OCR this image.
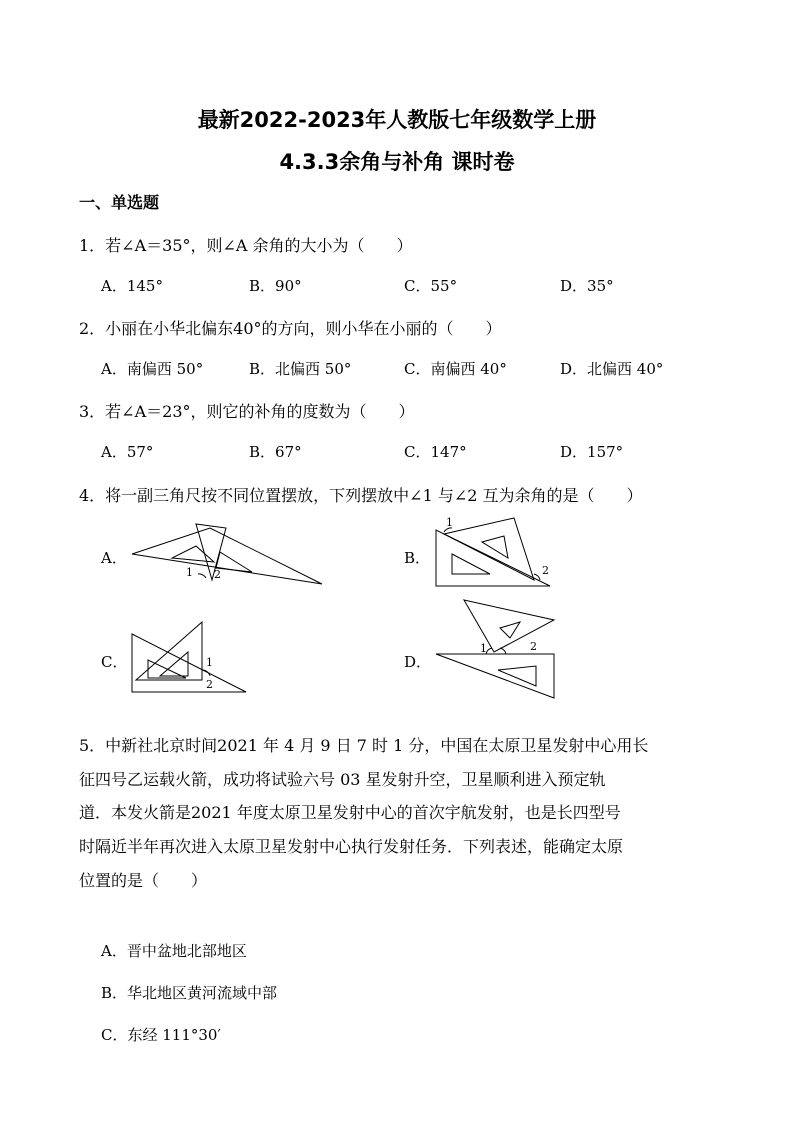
最新2022-2023年人教版七年级数学上册
4.3.3余角与补角 课时卷
一、单选题
1．若∠A＝35°，则∠A 余角的大小为（　　）
A．145°	B．90°	C．55°	D．35°
2．小丽在小华北偏东40°的方向，则小华在小丽的（　　）
A．南偏西 50°	B．北偏西 50°	C．南偏西 40°	D．北偏西 40°
3．若∠A＝23°，则它的补角的度数为（　　）
A．57°	B．67°	C．147°	D．157°
4．将一副三角尺按不同位置摆放，下列摆放中∠1 与∠2 互为余角的是（　　）
A．
1 2
B．
1
2
C．	1
2
D．
1	2
5．中新社北京时间2021 年 4 月 9 日 7 时 1 分，中国在太原卫星发射中心用长
征四号乙运载火箭，成功将试验六号 03 星发射升空，卫星顺利进入预定轨
道．本发火箭是2021 年度太原卫星发射中心的首次宇航发射，也是长四型号
时隔近半年再次进入太原卫星发射中心执行发射任务．下列表述，能确定太原
位置的是（　　）
A．晋中盆地北部地区
B．华北地区黄河流域中部
C．东经 111°30′
